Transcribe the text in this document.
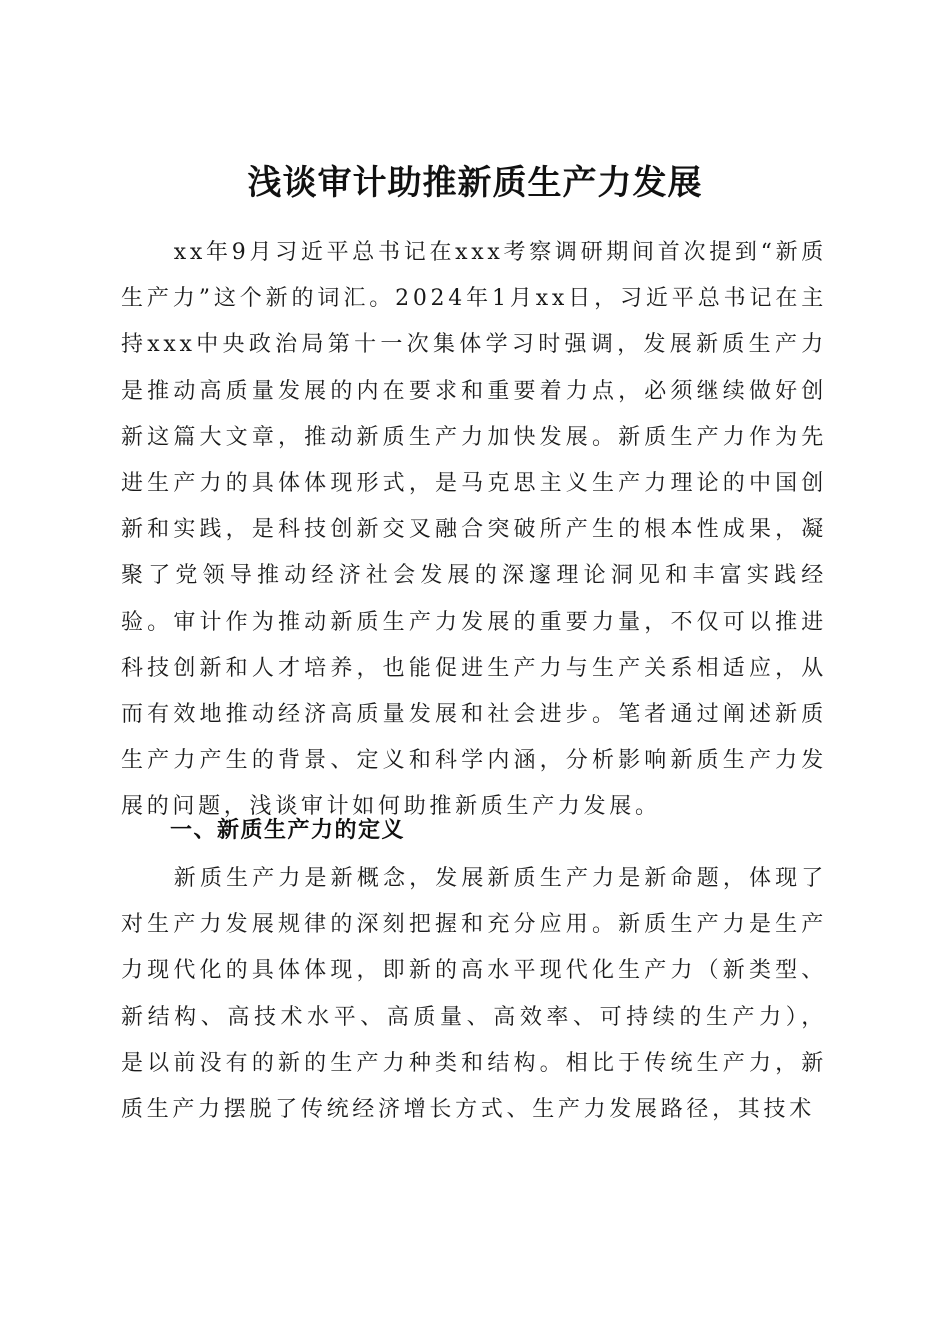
浅谈审计助推新质生产力发展

xx年9月习近平总书记在xxx考察调研期间首次提到“新质生产力”这个新的词汇。2024年1月xx日，习近平总书记在主持xxx中央政治局第十一次集体学习时强调，发展新质生产力是推动高质量发展的内在要求和重要着力点，必须继续做好创新这篇大文章，推动新质生产力加快发展。新质生产力作为先进生产力的具体体现形式，是马克思主义生产力理论的中国创新和实践，是科技创新交叉融合突破所产生的根本性成果，凝聚了党领导推动经济社会发展的深邃理论洞见和丰富实践经验。审计作为推动新质生产力发展的重要力量，不仅可以推进科技创新和人才培养，也能促进生产力与生产关系相适应，从而有效地推动经济高质量发展和社会进步。笔者通过阐述新质生产力产生的背景、定义和科学内涵，分析影响新质生产力发展的问题，浅谈审计如何助推新质生产力发展。

一、新质生产力的定义

新质生产力是新概念，发展新质生产力是新命题，体现了对生产力发展规律的深刻把握和充分应用。新质生产力是生产力现代化的具体体现，即新的高水平现代化生产力（新类型、新结构、高技术水平、高质量、高效率、可持续的生产力），是以前没有的新的生产力种类和结构。相比于传统生产力，新质生产力摆脱了传统经济增长方式、生产力发展路径，其技术
